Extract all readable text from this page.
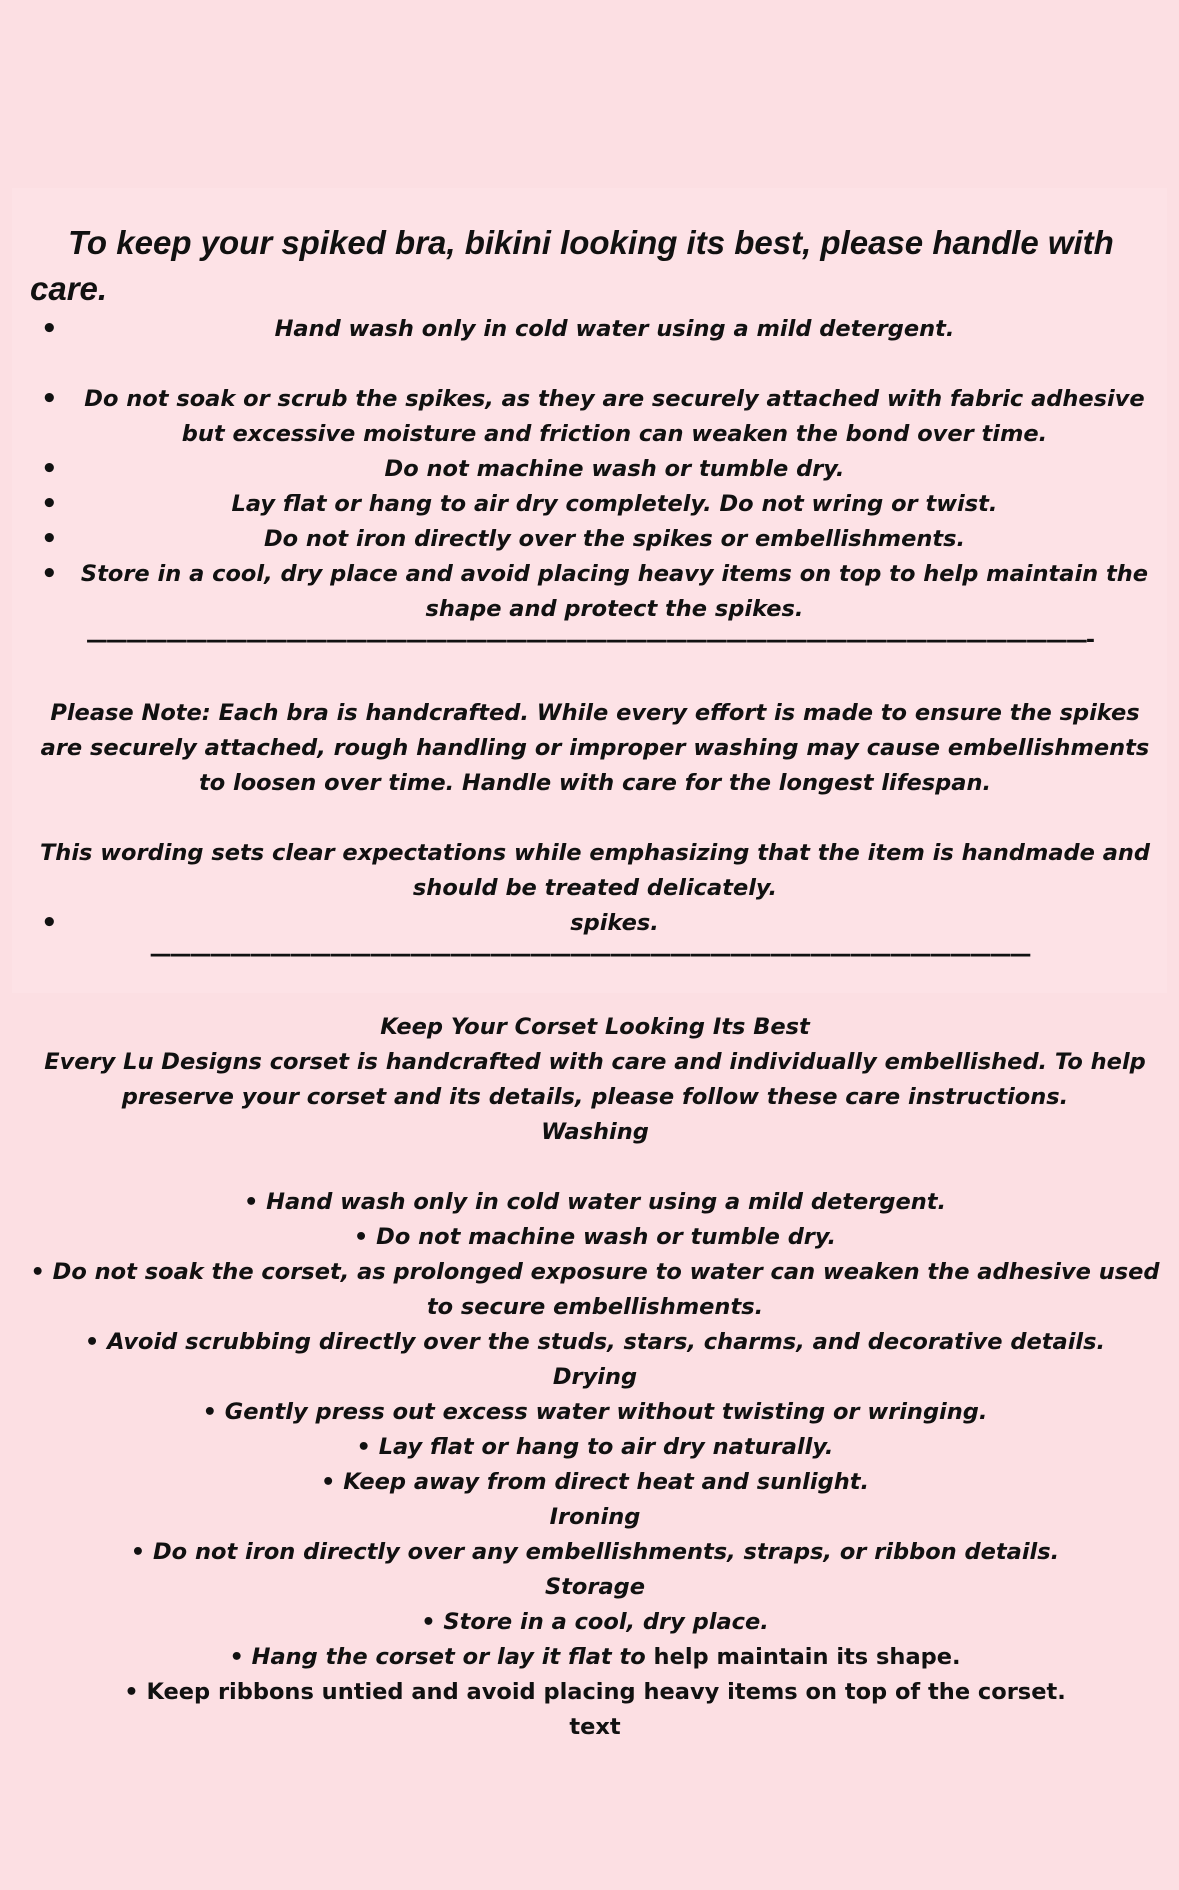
To keep your spiked bra, bikini looking its best, please handle with care.
•	Hand wash only in cold water using a mild detergent.
• Do not soak or scrub the spikes, as they are securely attached with fabric adhesive but excessive moisture and friction can weaken the bond over time.
•	Do not machine wash or tumble dry.
•	Lay flat or hang to air dry completely. Do not wring or twist.
•	Do not iron directly over the spikes or embellishments.
• Store in a cool, dry place and avoid placing heavy items on top to help maintain the shape and protect the spikes.
——————————————————————————————————————————————————-

Please Note: Each bra is handcrafted. While every effort is made to ensure the spikes are securely attached, rough handling or improper washing may cause embellishments to loosen over time. Handle with care for the longest lifespan.

This wording sets clear expectations while emphasizing that the item is handmade and should be treated delicately.

•	spikes.
————————————————————————————————————————————
Keep Your Corset Looking Its Best
Every Lu Designs corset is handcrafted with care and individually embellished. To help preserve your corset and its details, please follow these care instructions.
Washing
• Hand wash only in cold water using a mild detergent.
• Do not machine wash or tumble dry.
• Do not soak the corset, as prolonged exposure to water can weaken the adhesive used to secure embellishments.
• Avoid scrubbing directly over the studs, stars, charms, and decorative details.
Drying
• Gently press out excess water without twisting or wringing.
• Lay flat or hang to air dry naturally.
• Keep away from direct heat and sunlight.
Ironing
• Do not iron directly over any embellishments, straps, or ribbon details.
Storage
• Store in a cool, dry place.
• Hang the corset or lay it flat to help maintain its shape.
• Keep ribbons untied and avoid placing heavy items on top of the corset.
text
